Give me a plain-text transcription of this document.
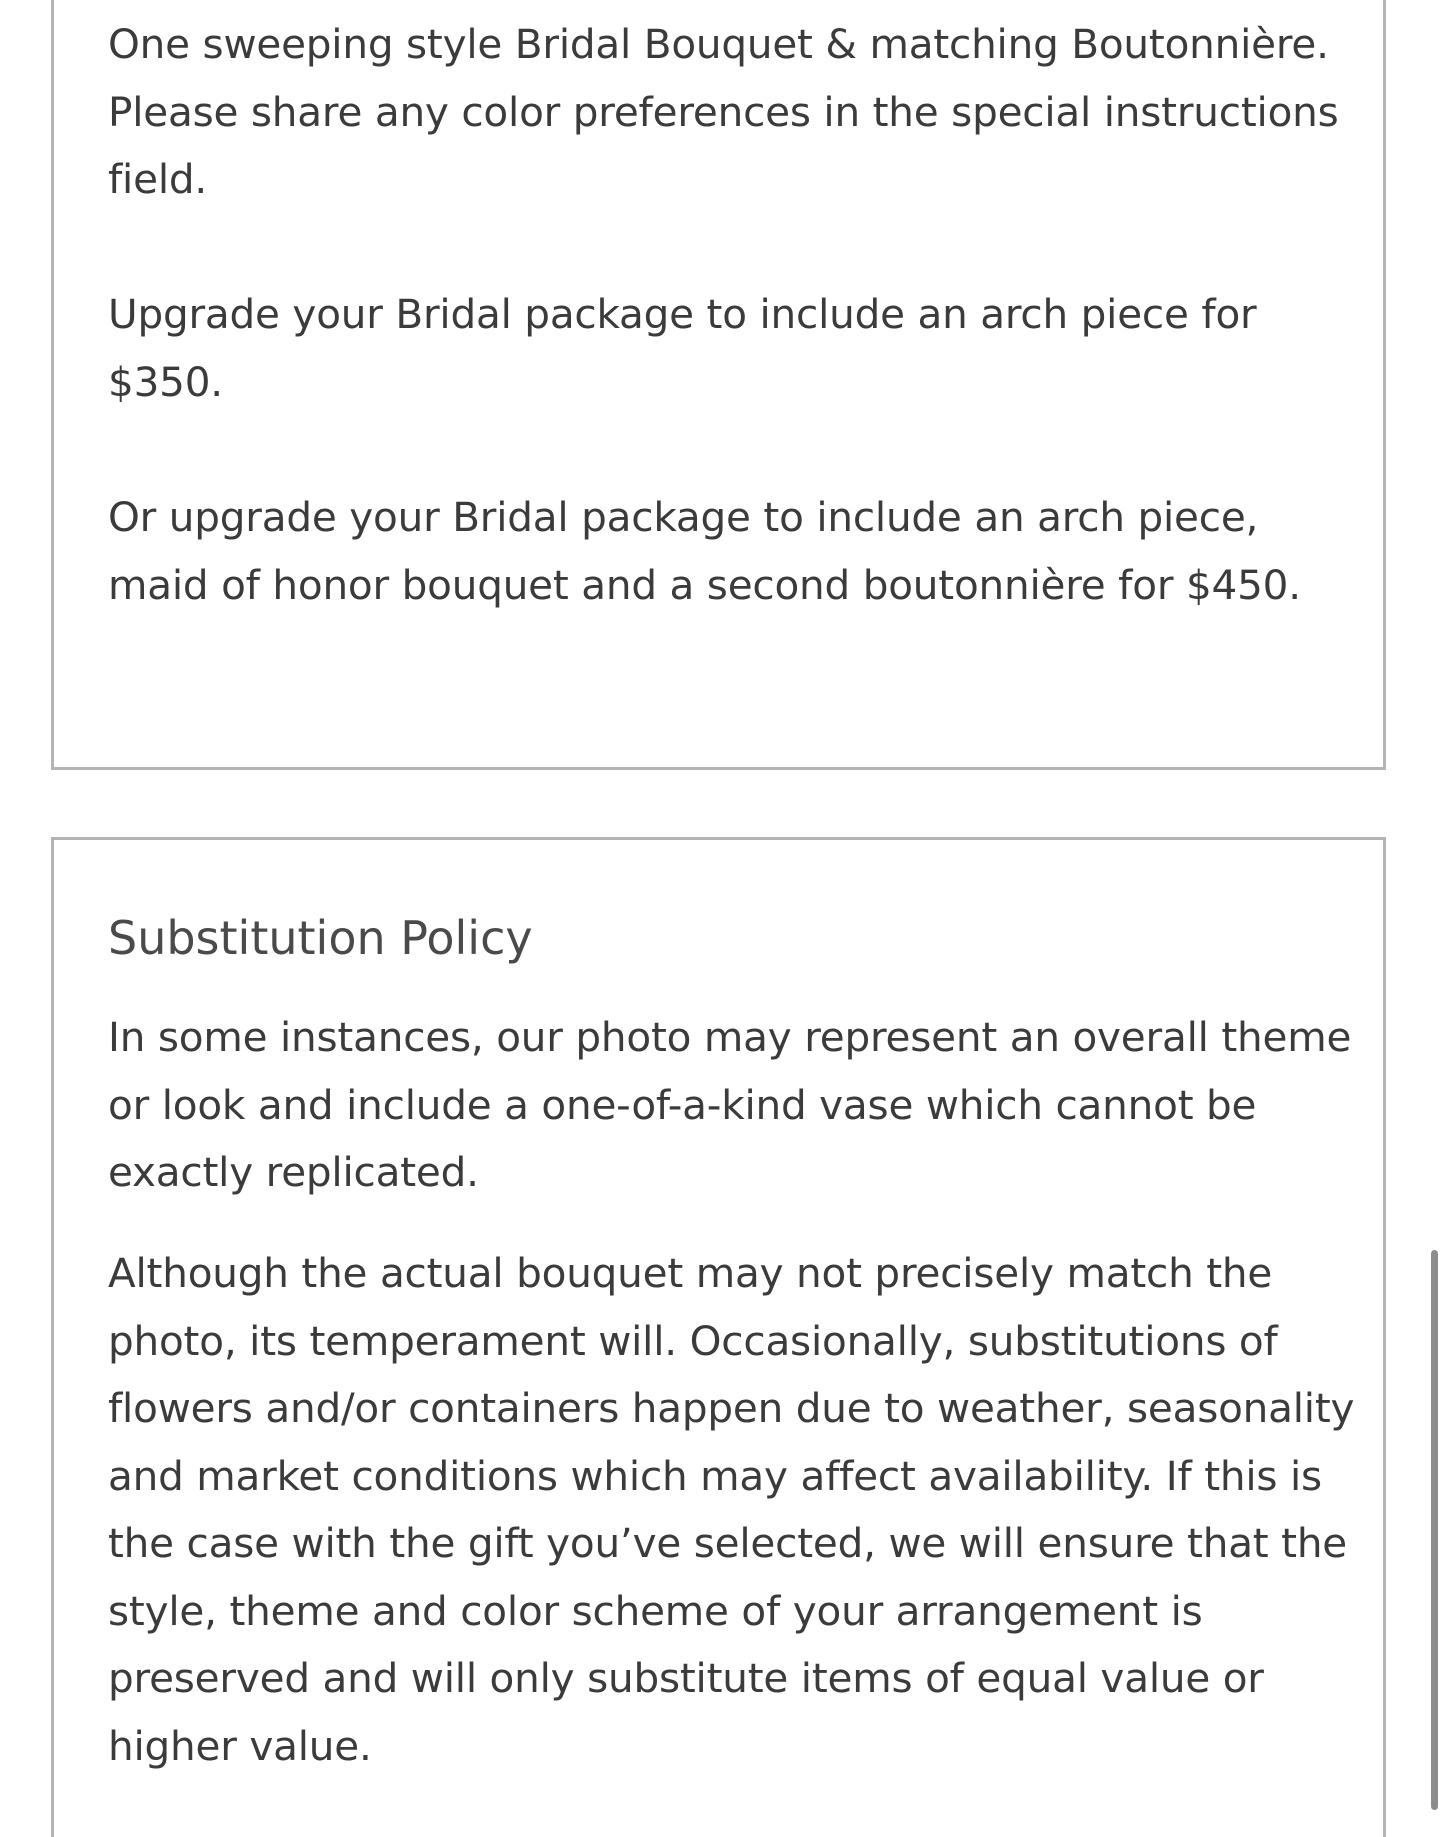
One sweeping style Bridal Bouquet & matching Boutonnière. Please share any color preferences in the special instructions field.

Upgrade your Bridal package to include an arch piece for $350.

Or upgrade your Bridal package to include an arch piece, maid of honor bouquet and a second boutonnière for $450.

Substitution Policy

In some instances, our photo may represent an overall theme or look and include a one-of-a-kind vase which cannot be exactly replicated.

Although the actual bouquet may not precisely match the photo, its temperament will. Occasionally, substitutions of flowers and/or containers happen due to weather, seasonality and market conditions which may affect availability. If this is the case with the gift you’ve selected, we will ensure that the style, theme and color scheme of your arrangement is preserved and will only substitute items of equal value or higher value.
